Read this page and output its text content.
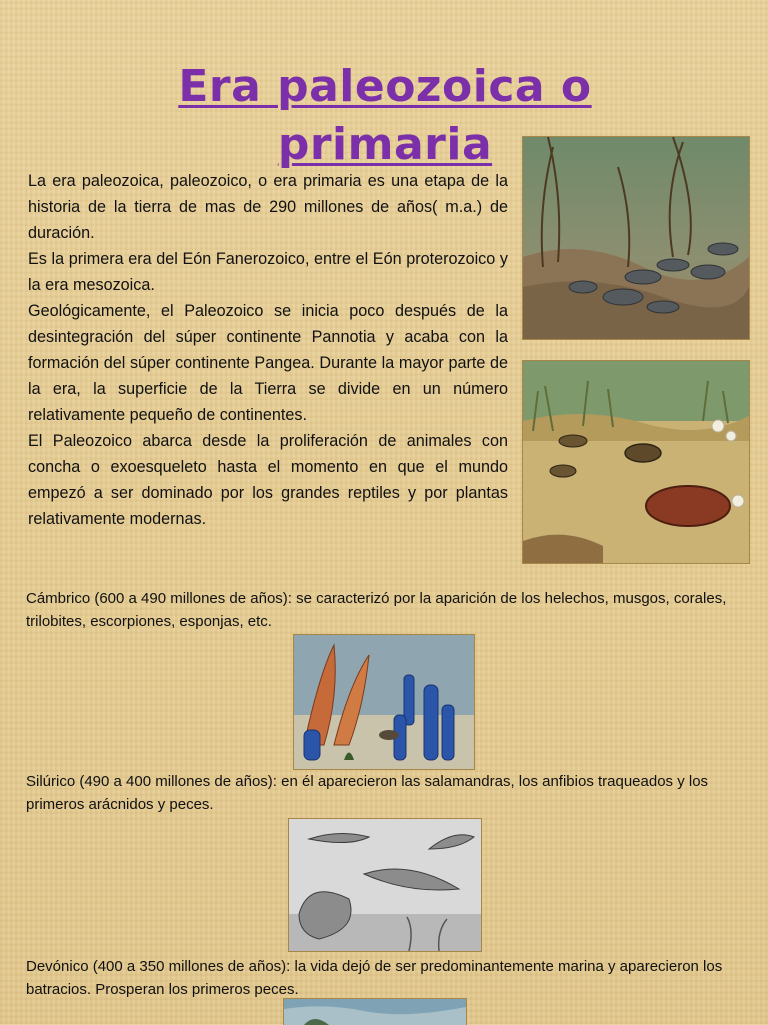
Era paleozoica o primaria

La era paleozoica, paleozoico, o era primaria es una etapa de la historia de la tierra de mas de 290 millones de años( m.a.) de duración.

Es la primera era del Eón Fanerozoico, entre el Eón proterozoico y la era mesozoica.

Geológicamente, el Paleozoico se inicia poco después de la desintegración del súper continente Pannotia y acaba con la formación del súper continente Pangea. Durante la mayor parte de la era, la superficie de la Tierra se divide en un número relativamente pequeño de continentes.

El Paleozoico abarca desde la proliferación de animales con concha o exoesqueleto hasta el momento en que el mundo empezó a ser dominado por los grandes reptiles y por plantas relativamente modernas.

Cámbrico (600 a 490 millones de años): se caracterizó por la aparición de los helechos, musgos, corales, trilobites, escorpiones, esponjas, etc.

Silúrico (490 a 400 millones de años): en él aparecieron las salamandras, los anfibios traqueados y los primeros arácnidos y peces.

Devónico (400 a 350 millones de años): la vida dejó de ser predominantemente marina y aparecieron los batracios. Prosperan los primeros peces.
